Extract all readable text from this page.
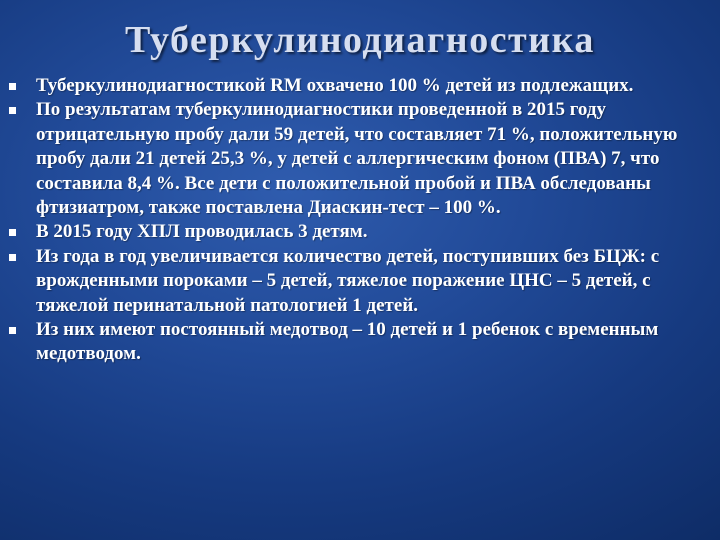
Туберкулинодиагностика
Туберкулинодиагностикой RM охвачено 100 % детей из подлежащих.
По результатам туберкулинодиагностики проведенной в 2015 году отрицательную пробу дали 59 детей, что составляет 71 %, положительную пробу дали 21 детей 25,3 %, у детей с аллергическим фоном (ПВА) 7, что составила 8,4 %. Все дети с положительной пробой и ПВА обследованы фтизиатром, также поставлена Диаскин-тест – 100 %.
В 2015 году ХПЛ проводилась 3 детям.
Из года в год увеличивается количество детей, поступивших без БЦЖ: с врожденными пороками – 5 детей, тяжелое поражение ЦНС – 5 детей, с тяжелой перинатальной патологией 1 детей.
Из них имеют постоянный медотвод – 10 детей и 1 ребенок с временным медотводом.
